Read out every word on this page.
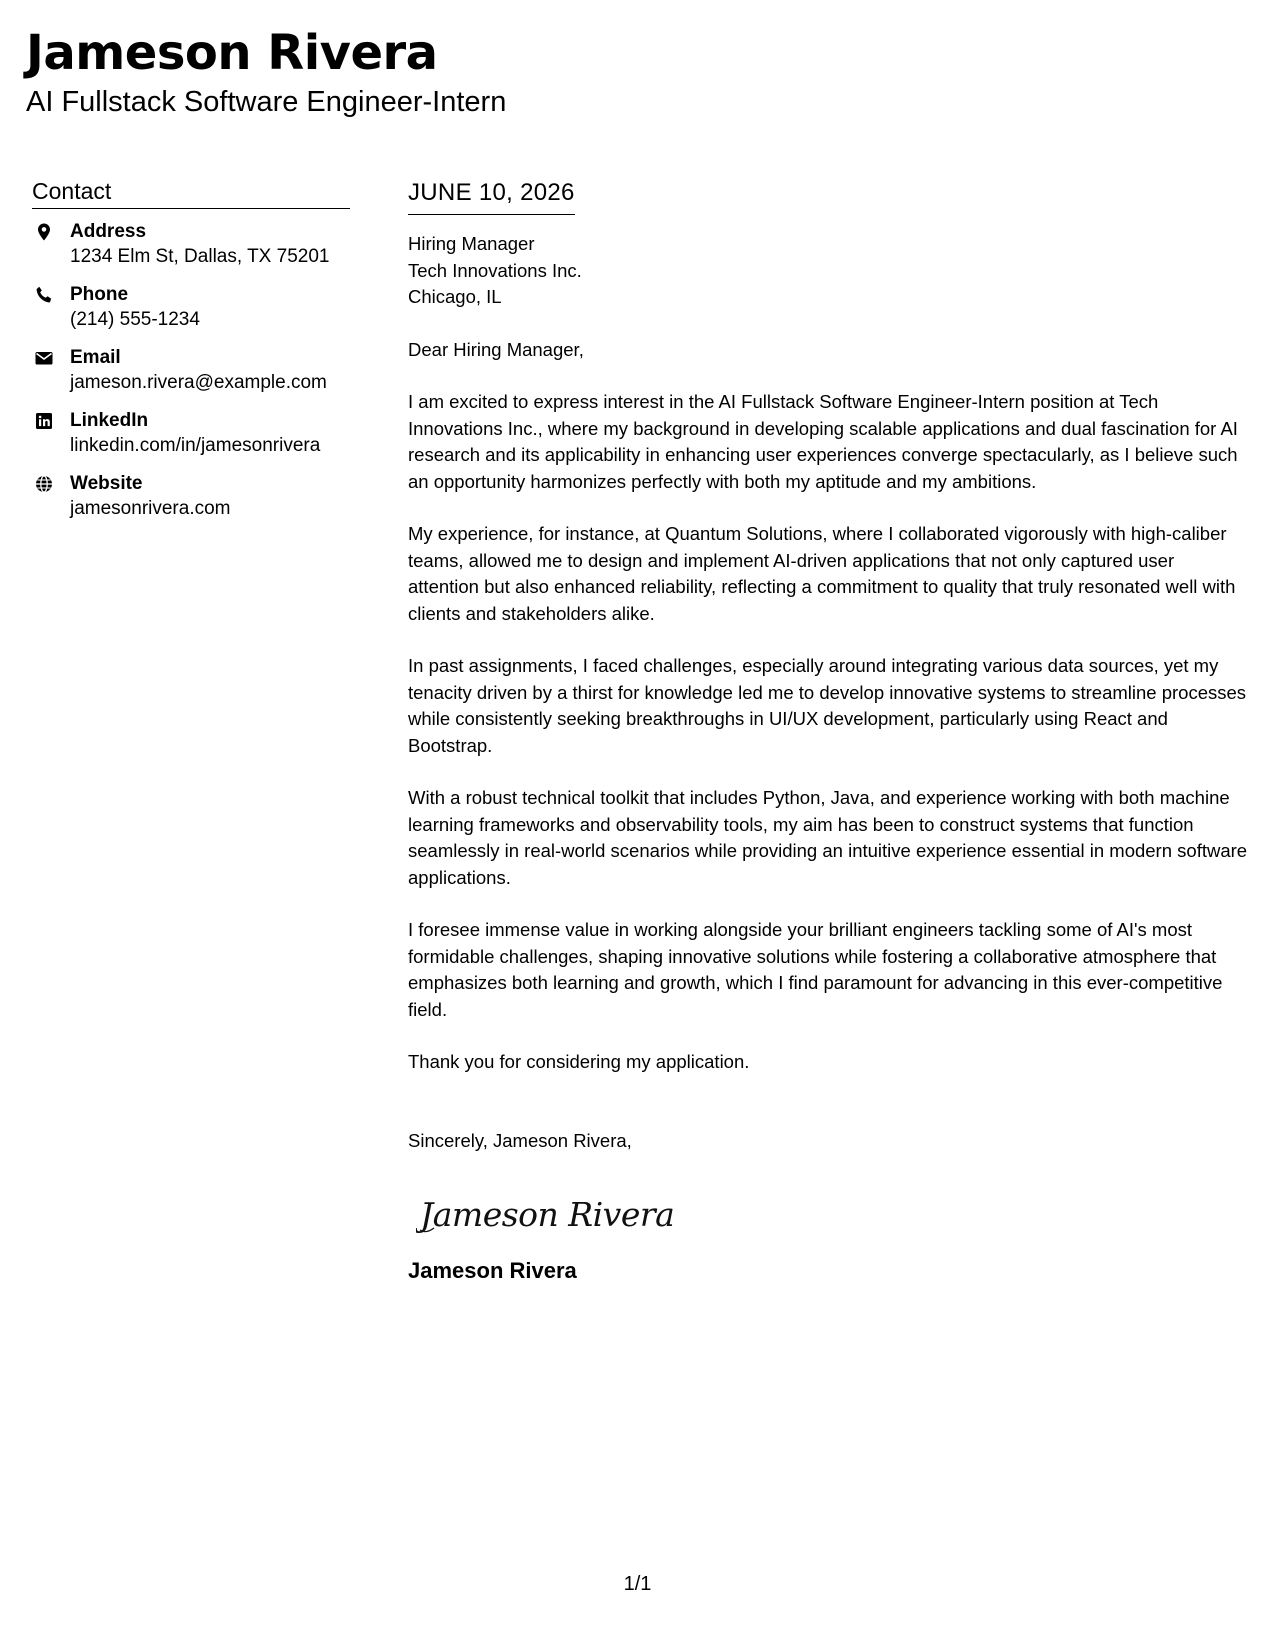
Jameson Rivera
AI Fullstack Software Engineer-Intern
Contact
Address
1234 Elm St, Dallas, TX 75201
Phone
(214) 555-1234
Email
jameson.rivera@example.com
LinkedIn
linkedin.com/in/jamesonrivera
Website
jamesonrivera.com
JUNE 10, 2026
Hiring Manager
Tech Innovations Inc.
Chicago, IL
Dear Hiring Manager,

I am excited to express interest in the AI Fullstack Software Engineer-Intern position at Tech Innovations Inc., where my background in developing scalable applications and dual fascination for AI research and its applicability in enhancing user experiences converge spectacularly, as I believe such an opportunity harmonizes perfectly with both my aptitude and my ambitions.

My experience, for instance, at Quantum Solutions, where I collaborated vigorously with high-caliber teams, allowed me to design and implement AI-driven applications that not only captured user attention but also enhanced reliability, reflecting a commitment to quality that truly resonated well with clients and stakeholders alike.

In past assignments, I faced challenges, especially around integrating various data sources, yet my tenacity driven by a thirst for knowledge led me to develop innovative systems to streamline processes while consistently seeking breakthroughs in UI/UX development, particularly using React and Bootstrap.

With a robust technical toolkit that includes Python, Java, and experience working with both machine learning frameworks and observability tools, my aim has been to construct systems that function seamlessly in real-world scenarios while providing an intuitive experience essential in modern software applications.

I foresee immense value in working alongside your brilliant engineers tackling some of AI's most formidable challenges, shaping innovative solutions while fostering a collaborative atmosphere that emphasizes both learning and growth, which I find paramount for advancing in this ever-competitive field.

Thank you for considering my application.

Sincerely, Jameson Rivera,
Jameson Rivera
Jameson Rivera
1/1
